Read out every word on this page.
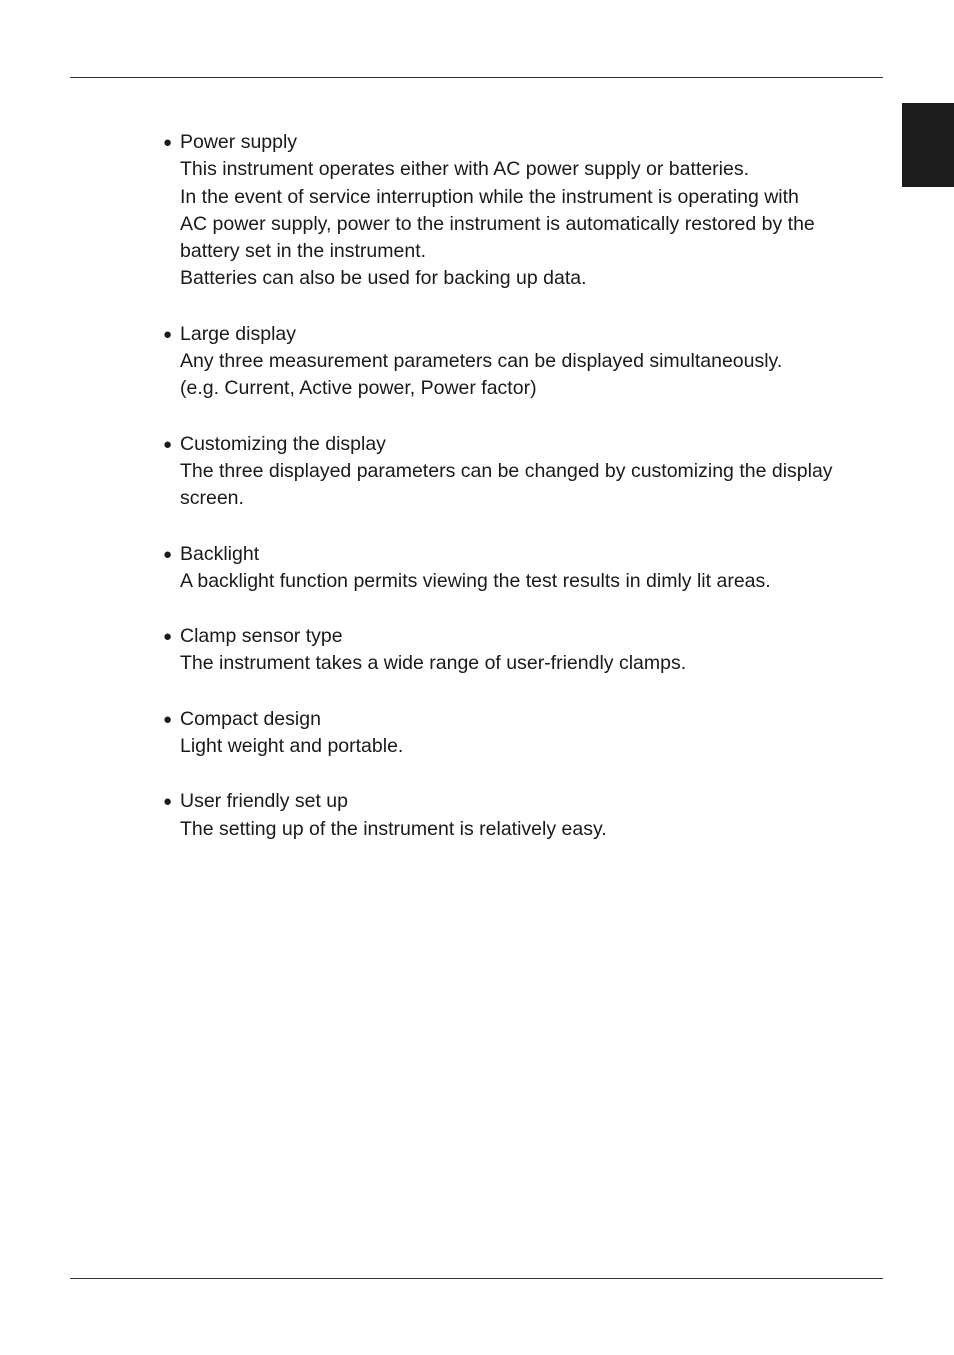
● Power supply
This instrument operates either with AC power supply or batteries.
In the event of service interruption while the instrument is operating with
AC power supply, power to the instrument is automatically restored by the
battery set in the instrument.
Batteries can also be used for backing up data.
● Large display
Any three measurement parameters can be displayed simultaneously.
(e.g. Current, Active power, Power factor)
● Customizing the display
The three displayed parameters can be changed by customizing the display
screen.
● Backlight
A backlight function permits viewing the test results in dimly lit areas.
● Clamp sensor type
The instrument takes a wide range of user-friendly clamps.
● Compact design
Light weight and portable.
● User friendly set up
The setting up of the instrument is relatively easy.
